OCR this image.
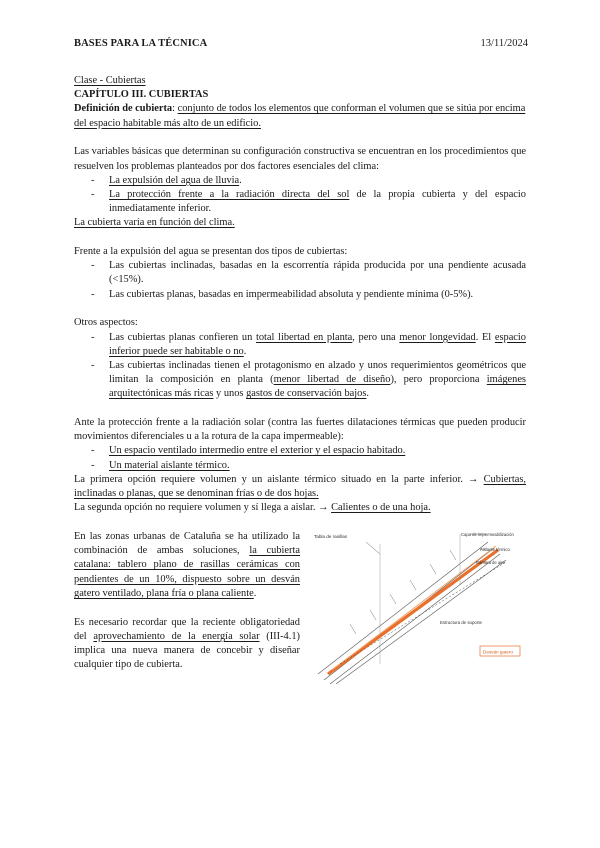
BASES PARA LA TÉCNICA	13/11/2024

Clase - Cubiertas

CAPÍTULO III. CUBIERTAS

Definición de cubierta: conjunto de todos los elementos que conforman el volumen que se sitúa por encima del espacio habitable más alto de un edificio.

Las variables básicas que determinan su configuración constructiva se encuentran en los procedimientos que resuelven los problemas planteados por dos factores esenciales del clima:

- La expulsión del agua de lluvia.
- La protección frente a la radiación directa del sol de la propia cubierta y del espacio inmediatamente inferior.

La cubierta varía en función del clima.

Frente a la expulsión del agua se presentan dos tipos de cubiertas:

- Las cubiertas inclinadas, basadas en la escorrentía rápida producida por una pendiente acusada (<15%).
- Las cubiertas planas, basadas en impermeabilidad absoluta y pendiente mínima (0-5%).

Otros aspectos:

- Las cubiertas planas confieren un total libertad en planta, pero una menor longevidad. El espacio inferior puede ser habitable o no.
- Las cubiertas inclinadas tienen el protagonismo en alzado y unos requerimientos geométricos que limitan la composición en planta (menor libertad de diseño), pero proporciona imágenes arquitectónicas más ricas y unos gastos de conservación bajos.

Ante la protección frente a la radiación solar (contra las fuertes dilataciones térmicas que pueden producir movimientos diferenciales u a la rotura de la capa impermeable):

- Un espacio ventilado intermedio entre el exterior y el espacio habitado.
- Un material aislante térmico.

La primera opción requiere volumen y un aislante térmico situado en la parte inferior. → Cubiertas, inclinadas o planas, que se denominan frías o de dos hojas.

La segunda opción no requiere volumen y sí llega a aislar. → Calientes o de una hoja.

En las zonas urbanas de Cataluña se ha utilizado la combinación de ambas soluciones, la cubierta catalana: tablero plano de rasillas cerámicas con pendientes de un 10%, dispuesto sobre un desván gatero ventilado, plana fría o plana caliente.

Es necesario recordar que la reciente obligatoriedad del aprovechamiento de la energía solar (III-4.1) implica una nueva manera de concebir y diseñar cualquier tipo de cubierta.

Tabla de rasillas	Capa de impermeabilización
Aislante térmico
Cámara de aire
Estructura de soporte
Desván gatero
